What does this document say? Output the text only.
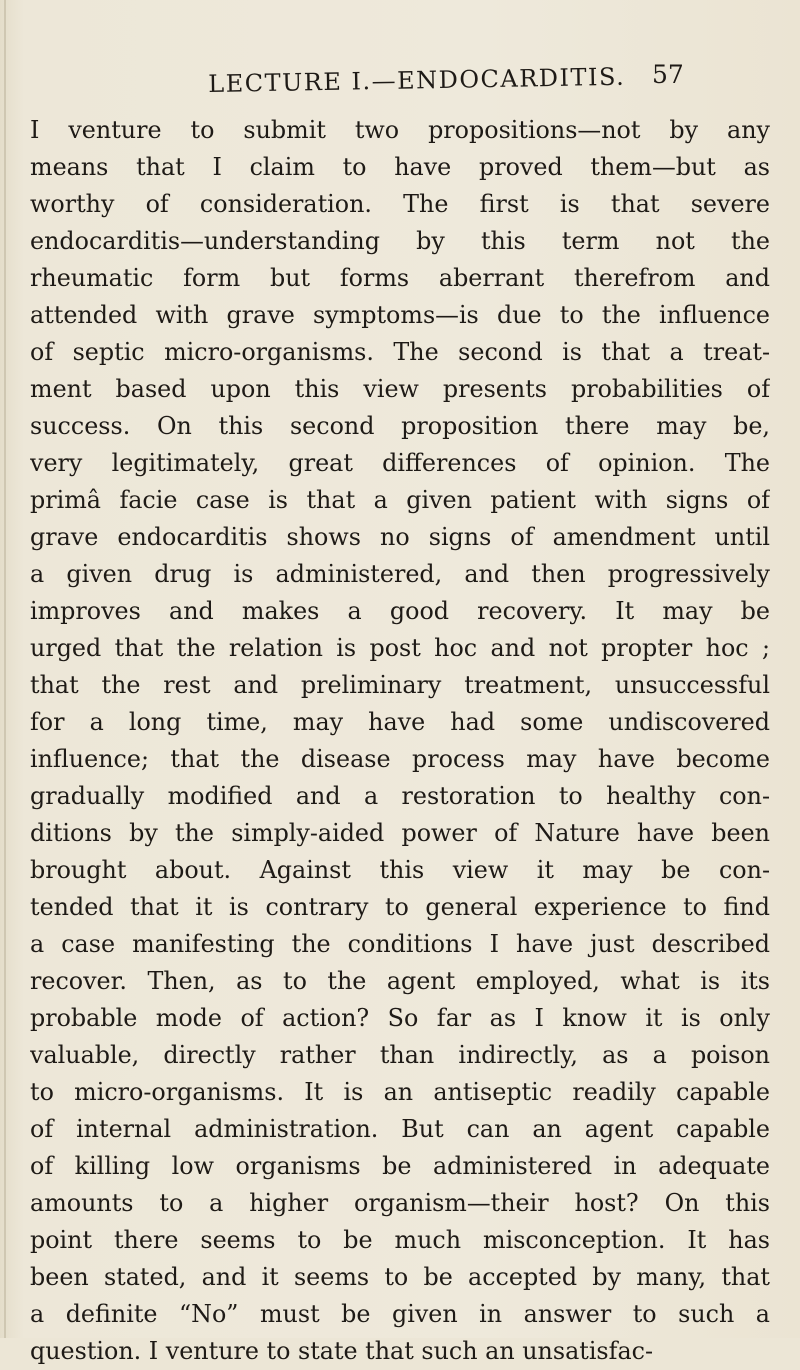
LECTURE I.—ENDOCARDITIS. 57
I venture to submit two propositions—not by any
means that I claim to have proved them—but as
worthy of consideration. The first is that severe
endocarditis—understanding by this term not the
rheumatic form but forms aberrant therefrom and
attended with grave symptoms—is due to the influence
of septic micro-organisms. The second is that a treat-
ment based upon this view presents probabilities of
success. On this second proposition there may be,
very legitimately, great differences of opinion. The
primâ facie case is that a given patient with signs of
grave endocarditis shows no signs of amendment until
a given drug is administered, and then progressively
improves and makes a good recovery. It may be
urged that the relation is post hoc and not propter hoc ;
that the rest and preliminary treatment, unsuccessful
for a long time, may have had some undiscovered
influence; that the disease process may have become
gradually modified and a restoration to healthy con-
ditions by the simply-aided power of Nature have been
brought about. Against this view it may be con-
tended that it is contrary to general experience to find
a case manifesting the conditions I have just described
recover. Then, as to the agent employed, what is its
probable mode of action? So far as I know it is only
valuable, directly rather than indirectly, as a poison
to micro-organisms. It is an antiseptic readily capable
of internal administration. But can an agent capable
of killing low organisms be administered in adequate
amounts to a higher organism—their host? On this
point there seems to be much misconception. It has
been stated, and it seems to be accepted by many, that
a definite “No” must be given in answer to such a
question. I venture to state that such an unsatisfac-
